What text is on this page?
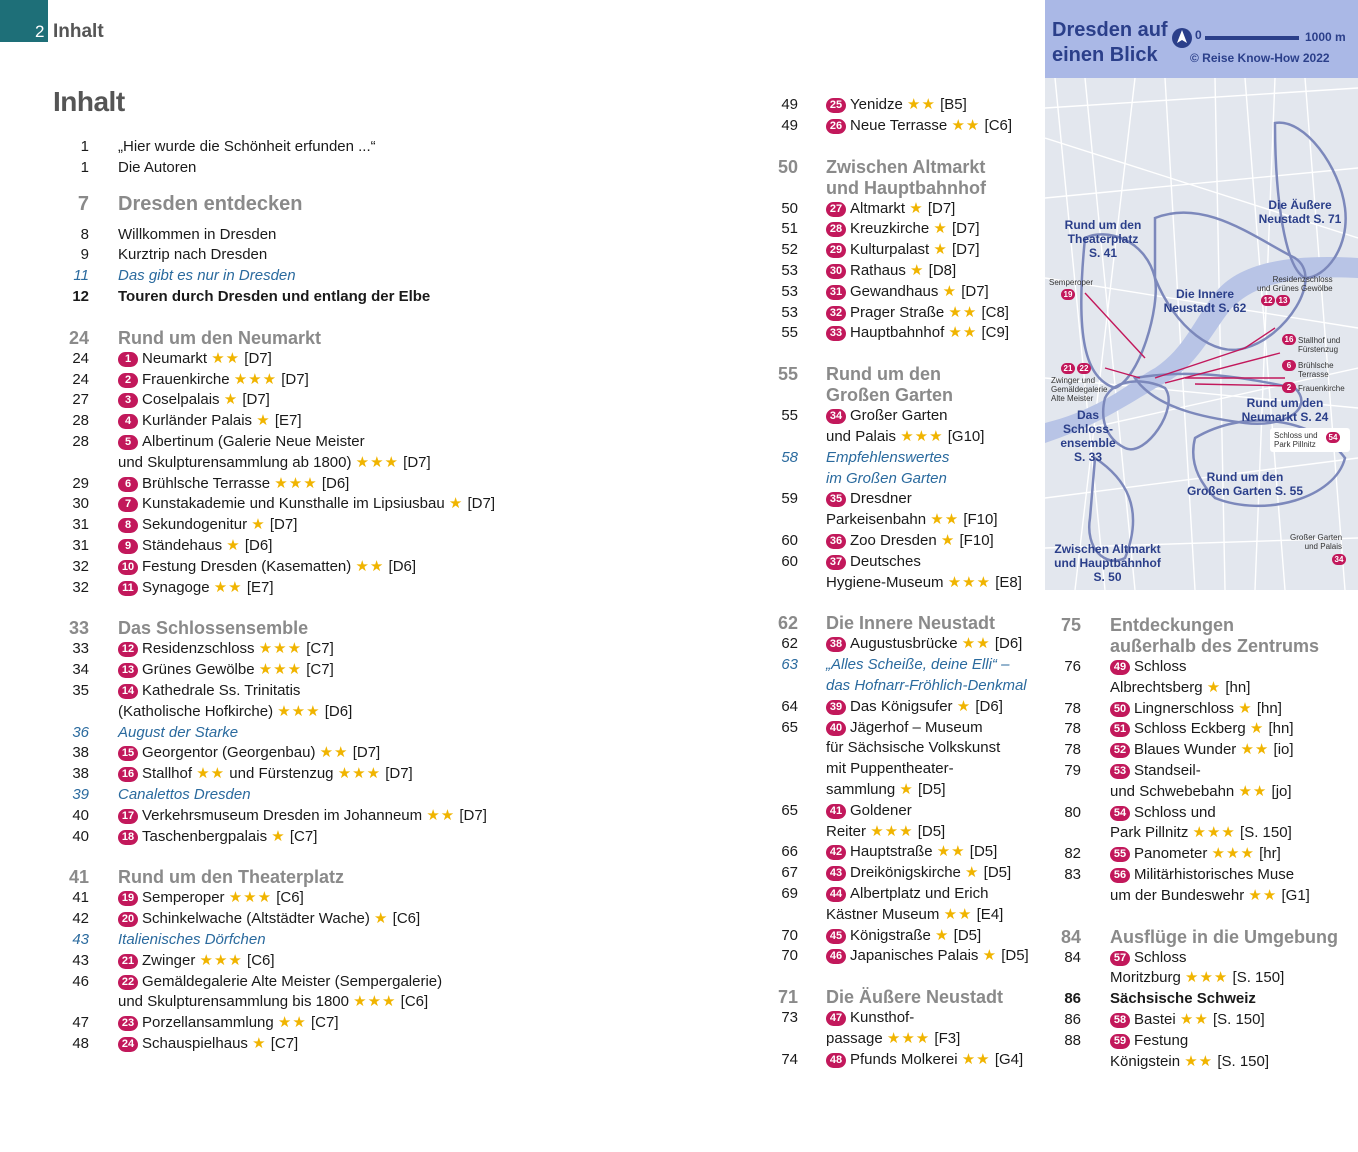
2 Inhalt
Inhalt
1 „Hier wurde die Schönheit erfunden ...“
1 Die Autoren
7 Dresden entdecken
8 Willkommen in Dresden
9 Kurztrip nach Dresden
11 Das gibt es nur in Dresden
12 Touren durch Dresden und entlang der Elbe
24 Rund um den Neumarkt
24	1 Neumarkt ★★ [D7]
24	2 Frauenkirche ★★★ [D7]
27	3 Coselpalais ★ [D7]
28	4 Kurländer Palais ★ [E7]
28	5 Albertinum (Galerie Neue Meister
und Skulpturensammlung ab 1800) ★★★ [D7]
29	6 Brühlsche Terrasse ★★★ [D6]
30	7 Kunstakademie und Kunsthalle im Lipsiusbau ★ [D7]
31	8 Sekundogenitur ★ [D7]
31	9 Ständehaus ★ [D6]
32	10 Festung Dresden (Kasematten) ★★ [D6]
32	11 Synagoge ★★ [E7]
33 Das Schlossensemble
33	12 Residenzschloss ★★★ [C7]
34	13 Grünes Gewölbe ★★★ [C7]
35	14 Kathedrale Ss. Trinitatis
(Katholische Hofkirche) ★★★ [D6]
36 August der Starke
38	15 Georgentor (Georgenbau) ★★ [D7]
38	16 Stallhof ★★ und Fürstenzug ★★★ [D7]
39 Canalettos Dresden
40	17 Verkehrsmuseum Dresden im Johanneum ★★ [D7]
40	18 Taschenbergpalais ★ [C7]
41 Rund um den Theaterplatz
41	19 Semperoper ★★★ [C6]
42	20 Schinkelwache (Altstädter Wache) ★ [C6]
43 Italienisches Dörfchen
43	21 Zwinger ★★★ [C6]
46	22 Gemäldegalerie Alte Meister (Sempergalerie)
und Skulpturensammlung bis 1800 ★★★ [C6]
47	23 Porzellansammlung ★★ [C7]
48	24 Schauspielhaus ★ [C7]
49	25 Yenidze ★★ [B5]
49	26 Neue Terrasse ★★ [C6]
50 Zwischen Altmarkt
und Hauptbahnhof
50	27 Altmarkt ★ [D7]
51	28 Kreuzkirche ★ [D7]
52	29 Kulturpalast ★ [D7]
53	30 Rathaus ★ [D8]
53	31 Gewandhaus ★ [D7]
53	32 Prager Straße ★★ [C8]
55	33 Hauptbahnhof ★★ [C9]
55 Rund um den
Großen Garten
55	34 Großer Garten
und Palais ★★★ [G10]
58 Empfehlenswertes
im Großen Garten
59	35 Dresdner
Parkeisenbahn ★★ [F10]
60	36 Zoo Dresden ★ [F10]
60	37 Deutsches
Hygiene-Museum ★★★ [E8]
62 Die Innere Neustadt
62	38 Augustusbrücke ★★ [D6]
63 „Alles Scheiße, deine Elli“ –
das Hofnarr-Fröhlich-Denkmal
64	39 Das Königsufer ★ [D6]
65	40 Jägerhof – Museum
für Sächsische Volkskunst
mit Puppentheater-
sammlung ★ [D5]
65	41 Goldener
Reiter ★★★ [D5]
66	42 Hauptstraße ★★ [D5]
67	43 Dreikönigskirche ★ [D5]
69	44 Albertplatz und Erich
Kästner Museum ★★ [E4]
70	45 Königstraße ★ [D5]
70	46 Japanisches Palais ★ [D5]
71 Die Äußere Neustadt
73	47 Kunsthof-
passage ★★★ [F3]
74	48 Pfunds Molkerei ★★ [G4]
75 Entdeckungen
außerhalb des Zentrums
76	49 Schloss
Albrechtsberg ★ [hn]
78	50 Lingnerschloss ★ [hn]
78	51 Schloss Eckberg ★ [hn]
78	52 Blaues Wunder ★★ [io]
79	53 Standseil-
und Schwebebahn ★★ [jo]
80	54 Schloss und
Park Pillnitz ★★★ [S. 150]
82	55 Panometer ★★★ [hr]
83	56 Militärhistorisches Muse
um der Bundeswehr ★★ [G1]
84 Ausflüge in die Umgebung
84	57 Schloss
Moritzburg ★★★ [S. 150]
86 Sächsische Schweiz
86	58 Bastei ★★ [S. 150]
88	59 Festung
Königstein ★★ [S. 150]
Dresden auf
einen Blick
0	1000 m
© Reise Know-How 2022
Rund um den
Theaterplatz
S. 41
Die Äußere
Neustadt S. 71
Die Innere
Neustadt S. 62
Rund um den
Neumarkt S. 24
Das
Schloss-
ensemble
S. 33
Rund um den
Großen Garten S. 55
Zwischen Altmarkt
und Hauptbahnhof
S. 50
Semperoper
19
Residenzschloss
und Grünes Gewölbe
12 13
16 Stallhof und
Fürstenzug
6 Brühlsche
Terrasse
2 Frauenkirche
21 22
Zwinger und
Gemäldegalerie
Alte Meister
Schloss und
Park Pillnitz
54
Großer Garten
und Palais
34
